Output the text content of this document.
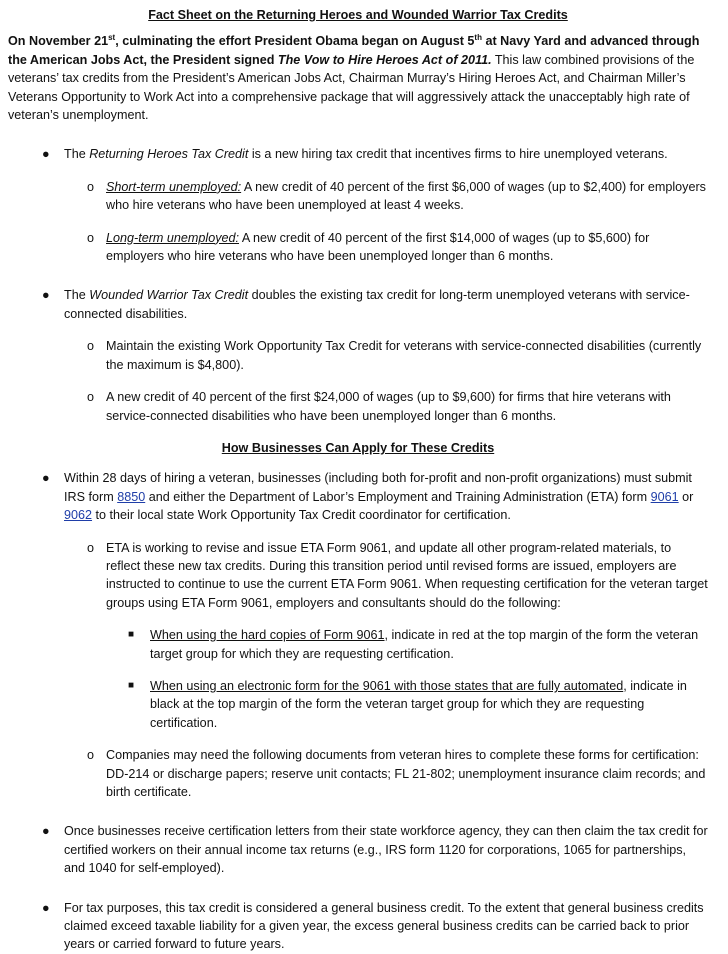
Fact Sheet on the Returning Heroes and Wounded Warrior Tax Credits

On November 21st, culminating the effort President Obama began on August 5th at Navy Yard and advanced through the American Jobs Act, the President signed The Vow to Hire Heroes Act of 2011. This law combined provisions of the veterans’ tax credits from the President’s American Jobs Act, Chairman Murray’s Hiring Heroes Act, and Chairman Miller’s Veterans Opportunity to Work Act into a comprehensive package that will aggressively attack the unacceptably high rate of veteran’s unemployment.

● The Returning Heroes Tax Credit is a new hiring tax credit that incentives firms to hire unemployed veterans.
o Short-term unemployed: A new credit of 40 percent of the first $6,000 of wages (up to $2,400) for employers who hire veterans who have been unemployed at least 4 weeks.
o Long-term unemployed: A new credit of 40 percent of the first $14,000 of wages (up to $5,600) for employers who hire veterans who have been unemployed longer than 6 months.
● The Wounded Warrior Tax Credit doubles the existing tax credit for long-term unemployed veterans with service-connected disabilities.
o Maintain the existing Work Opportunity Tax Credit for veterans with service-connected disabilities (currently the maximum is $4,800).
o A new credit of 40 percent of the first $24,000 of wages (up to $9,600) for firms that hire veterans with service-connected disabilities who have been unemployed longer than 6 months.
How Businesses Can Apply for These Credits
● Within 28 days of hiring a veteran, businesses (including both for-profit and non-profit organizations) must submit IRS form 8850 and either the Department of Labor’s Employment and Training Administration (ETA) form 9061 or 9062 to their local state Work Opportunity Tax Credit coordinator for certification.
o ETA is working to revise and issue ETA Form 9061, and update all other program-related materials, to reflect these new tax credits. During this transition period until revised forms are issued, employers are instructed to continue to use the current ETA Form 9061. When requesting certification for the veteran target groups using ETA Form 9061, employers and consultants should do the following:
■ When using the hard copies of Form 9061, indicate in red at the top margin of the form the veteran target group for which they are requesting certification.
■ When using an electronic form for the 9061 with those states that are fully automated, indicate in black at the top margin of the form the veteran target group for which they are requesting certification.
o Companies may need the following documents from veteran hires to complete these forms for certification: DD-214 or discharge papers; reserve unit contacts; FL 21-802; unemployment insurance claim records; and birth certificate.
● Once businesses receive certification letters from their state workforce agency, they can then claim the tax credit for certified workers on their annual income tax returns (e.g., IRS form 1120 for corporations, 1065 for partnerships, and 1040 for self-employed).
● For tax purposes, this tax credit is considered a general business credit. To the extent that general business credits claimed exceed taxable liability for a given year, the excess general business credits can be carried back to prior years or carried forward to future years.
